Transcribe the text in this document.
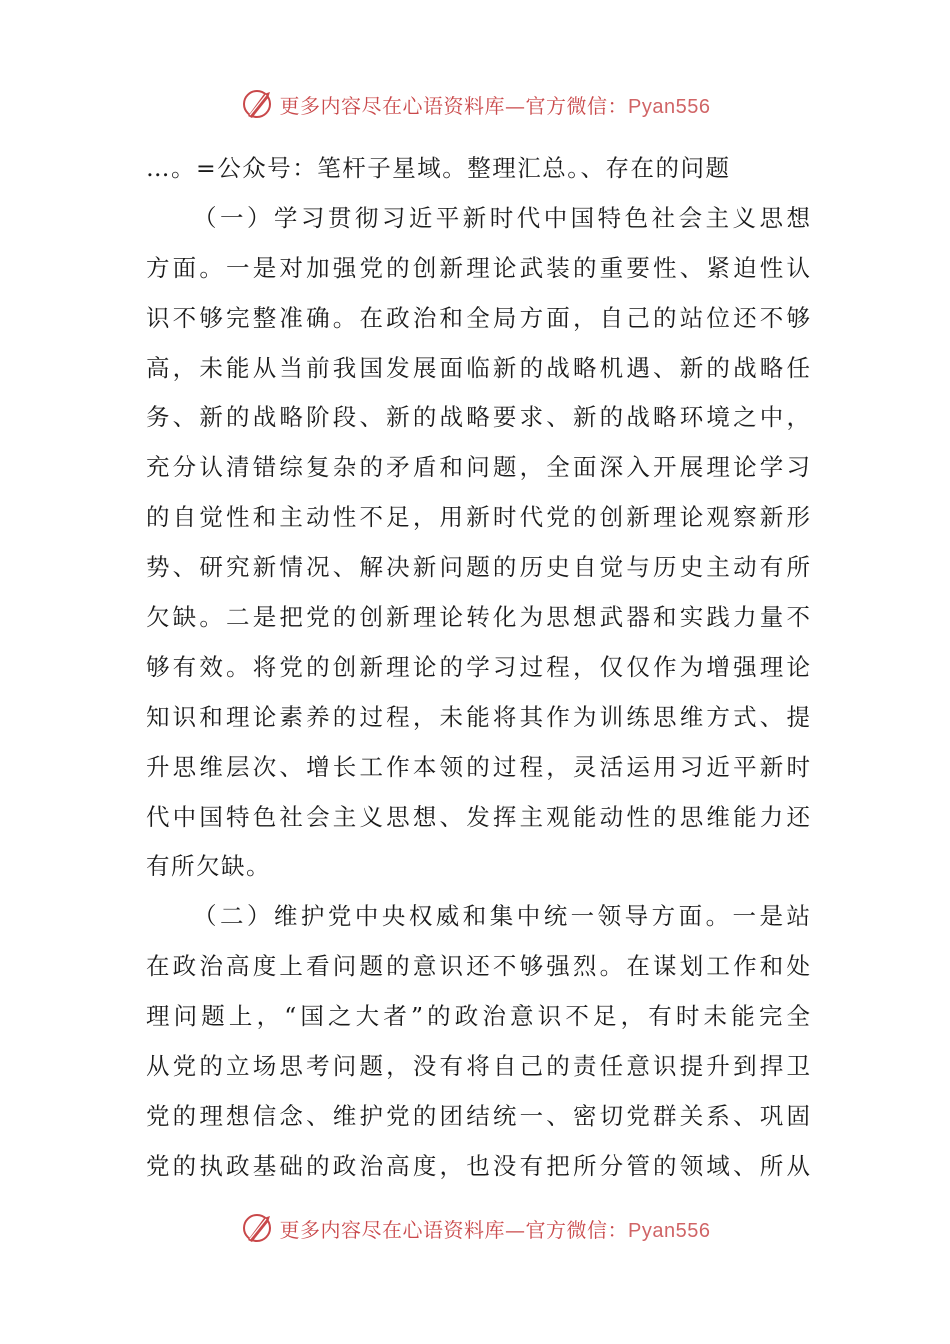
更多内容尽在心语资料库—官方微信：Pyan556
…。=公众号：笔杆子星域。整理汇总。、存在的问题
（一）学习贯彻习近平新时代中国特色社会主义思想
方面。一是对加强党的创新理论武装的重要性、紧迫性认
识不够完整准确。在政治和全局方面，自己的站位还不够
高，未能从当前我国发展面临新的战略机遇、新的战略任
务、新的战略阶段、新的战略要求、新的战略环境之中，
充分认清错综复杂的矛盾和问题，全面深入开展理论学习
的自觉性和主动性不足，用新时代党的创新理论观察新形
势、研究新情况、解决新问题的历史自觉与历史主动有所
欠缺。二是把党的创新理论转化为思想武器和实践力量不
够有效。将党的创新理论的学习过程，仅仅作为增强理论
知识和理论素养的过程，未能将其作为训练思维方式、提
升思维层次、增长工作本领的过程，灵活运用习近平新时
代中国特色社会主义思想、发挥主观能动性的思维能力还
有所欠缺。
（二）维护党中央权威和集中统一领导方面。一是站
在政治高度上看问题的意识还不够强烈。在谋划工作和处
理问题上，“国之大者”的政治意识不足，有时未能完全
从党的立场思考问题，没有将自己的责任意识提升到捍卫
党的理想信念、维护党的团结统一、密切党群关系、巩固
党的执政基础的政治高度，也没有把所分管的领域、所从
更多内容尽在心语资料库—官方微信：Pyan556
